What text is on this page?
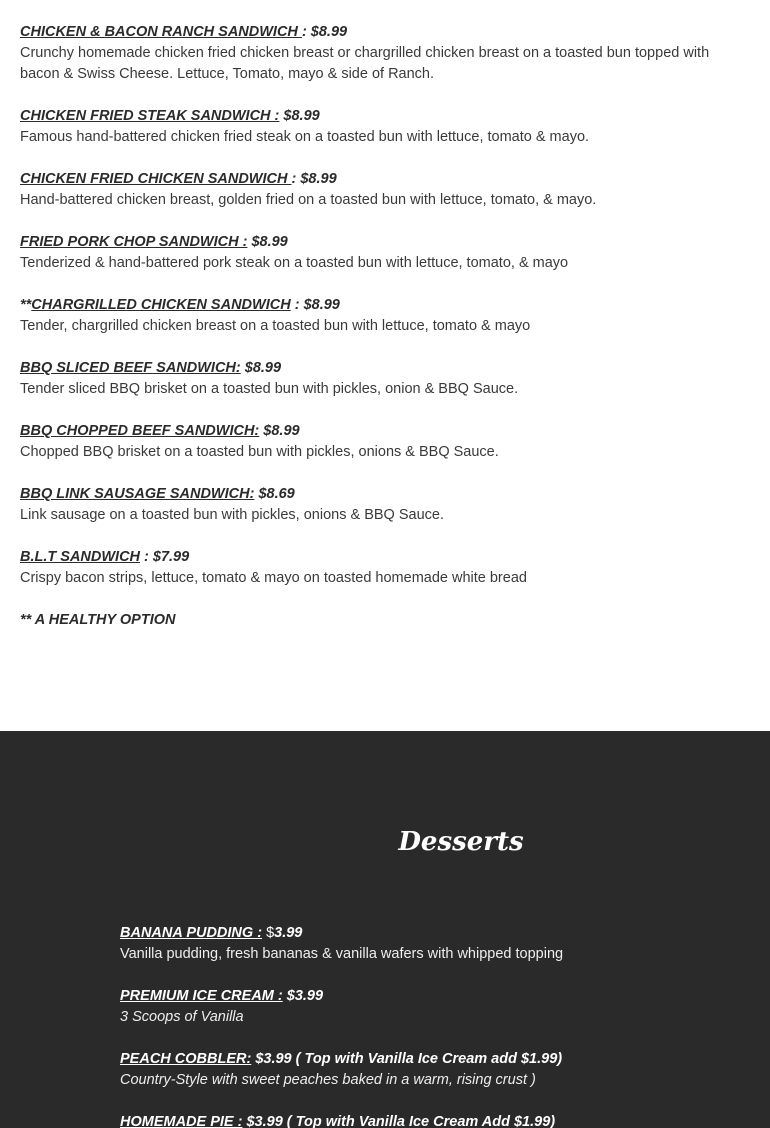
CHICKEN & BACON RANCH SANDWICH : $8.99
Crunchy homemade chicken fried chicken breast or chargrilled chicken breast on a toasted bun topped with bacon & Swiss Cheese. Lettuce, Tomato, mayo & side of Ranch.
CHICKEN FRIED STEAK SANDWICH : $8.99
Famous hand-battered chicken fried steak on a toasted bun with lettuce, tomato & mayo.
CHICKEN FRIED CHICKEN SANDWICH : $8.99
Hand-battered chicken breast, golden fried on a toasted bun with lettuce, tomato, & mayo.
FRIED PORK CHOP SANDWICH : $8.99
Tenderized & hand-battered pork steak on a toasted bun with lettuce, tomato, & mayo
**CHARGRILLED CHICKEN SANDWICH : $8.99
Tender, chargrilled chicken breast on a toasted bun with lettuce, tomato & mayo
BBQ SLICED BEEF SANDWICH: $8.99
Tender sliced BBQ brisket on a toasted bun with pickles, onion & BBQ Sauce.
BBQ CHOPPED BEEF SANDWICH: $8.99
Chopped BBQ brisket on a toasted bun with pickles, onions & BBQ Sauce.
BBQ LINK SAUSAGE SANDWICH: $8.69
Link sausage on a toasted bun with pickles, onions & BBQ Sauce.
B.L.T SANDWICH : $7.99
Crispy bacon strips, lettuce, tomato & mayo on toasted homemade white bread
** A HEALTHY OPTION
Desserts
BANANA PUDDING : $3.99
Vanilla pudding, fresh bananas & vanilla wafers with whipped topping
PREMIUM ICE CREAM : $3.99
3 Scoops of Vanilla
PEACH COBBLER: $3.99 ( Top with Vanilla Ice Cream add $1.99)
Country-Style with sweet peaches baked in a warm, rising crust )
HOMEMADE PIE : $3.99 ( Top with Vanilla Ice Cream Add $1.99)
